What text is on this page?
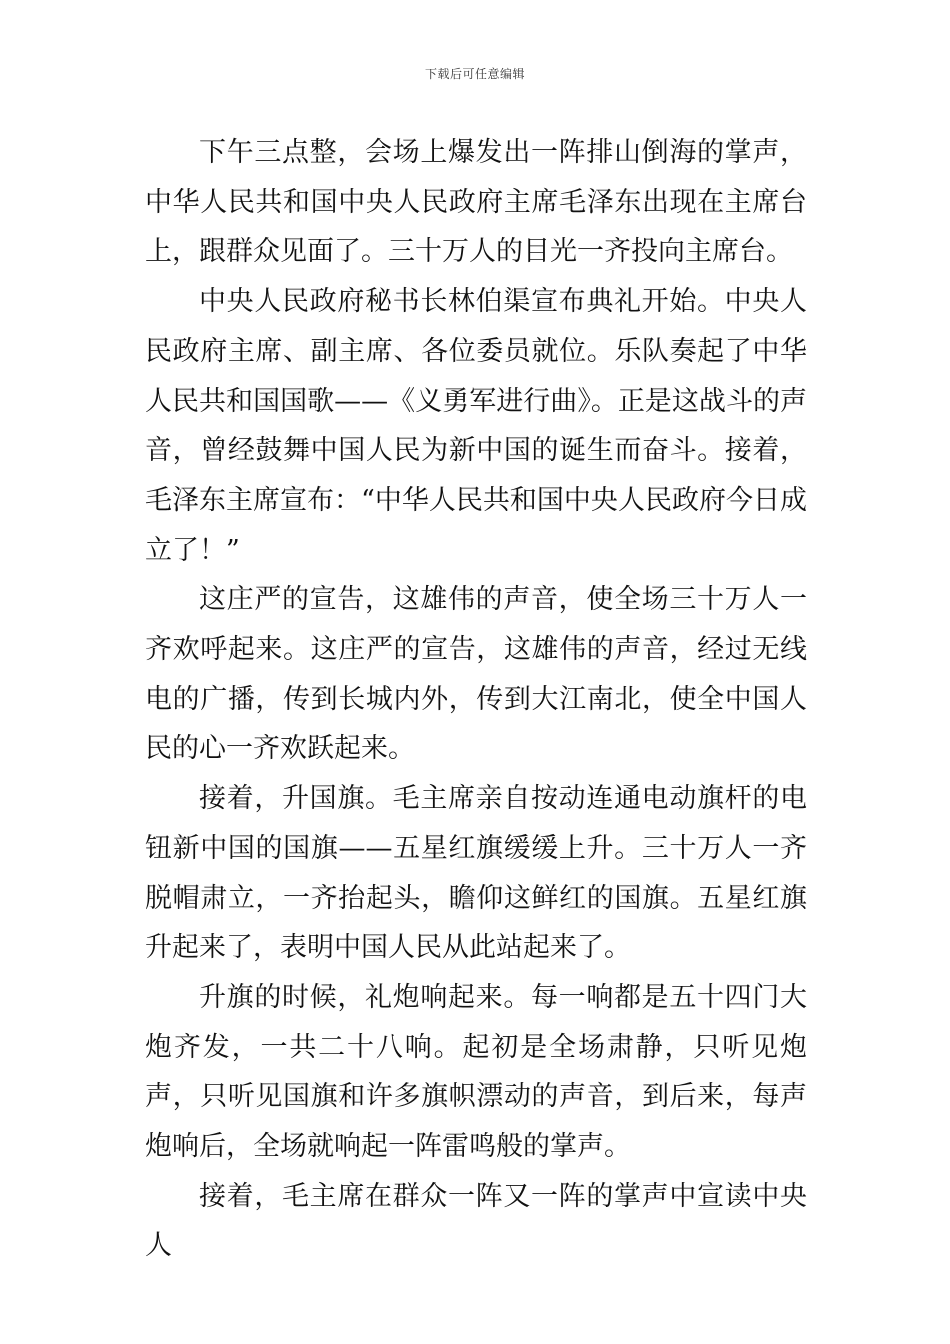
下载后可任意编辑

下午三点整，会场上爆发出一阵排山倒海的掌声，中华人民共和国中央人民政府主席毛泽东出现在主席台上，跟群众见面了。三十万人的目光一齐投向主席台。

中央人民政府秘书长林伯渠宣布典礼开始。中央人民政府主席、副主席、各位委员就位。乐队奏起了中华人民共和国国歌——《义勇军进行曲》。正是这战斗的声音，曾经鼓舞中国人民为新中国的诞生而奋斗。接着，毛泽东主席宣布：“中华人民共和国中央人民政府今日成立了！”

这庄严的宣告，这雄伟的声音，使全场三十万人一齐欢呼起来。这庄严的宣告，这雄伟的声音，经过无线电的广播，传到长城内外，传到大江南北，使全中国人民的心一齐欢跃起来。

接着，升国旗。毛主席亲自按动连通电动旗杆的电钮新中国的国旗——五星红旗缓缓上升。三十万人一齐脱帽肃立，一齐抬起头，瞻仰这鲜红的国旗。五星红旗升起来了，表明中国人民从此站起来了。

升旗的时候，礼炮响起来。每一响都是五十四门大炮齐发，一共二十八响。起初是全场肃静，只听见炮声，只听见国旗和许多旗帜漂动的声音，到后来，每声炮响后，全场就响起一阵雷鸣般的掌声。

接着，毛主席在群众一阵又一阵的掌声中宣读中央人
